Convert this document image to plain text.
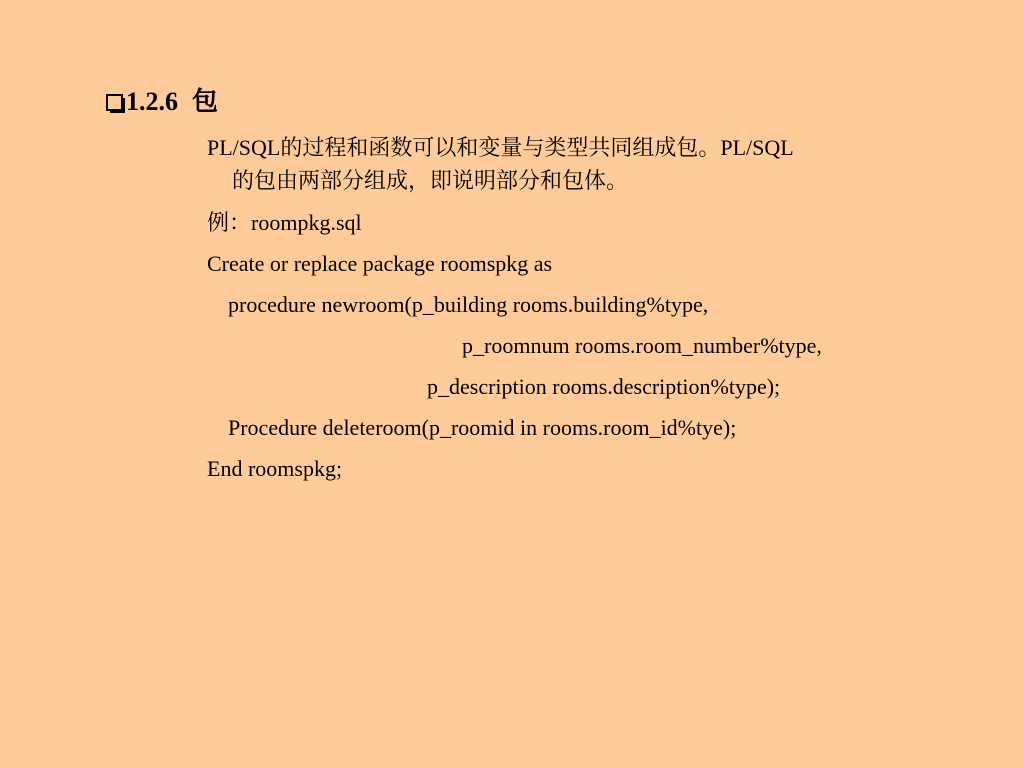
1.2.6 包
PL/SQL的过程和函数可以和变量与类型共同组成包。PL/SQL
的包由两部分组成，即说明部分和包体。
例：roompkg.sql
Create or replace package roomspkg as
procedure newroom(p_building rooms.building%type,
p_roomnum rooms.room_number%type,
p_description rooms.description%type);
Procedure deleteroom(p_roomid in rooms.room_id%tye);
End roomspkg;
